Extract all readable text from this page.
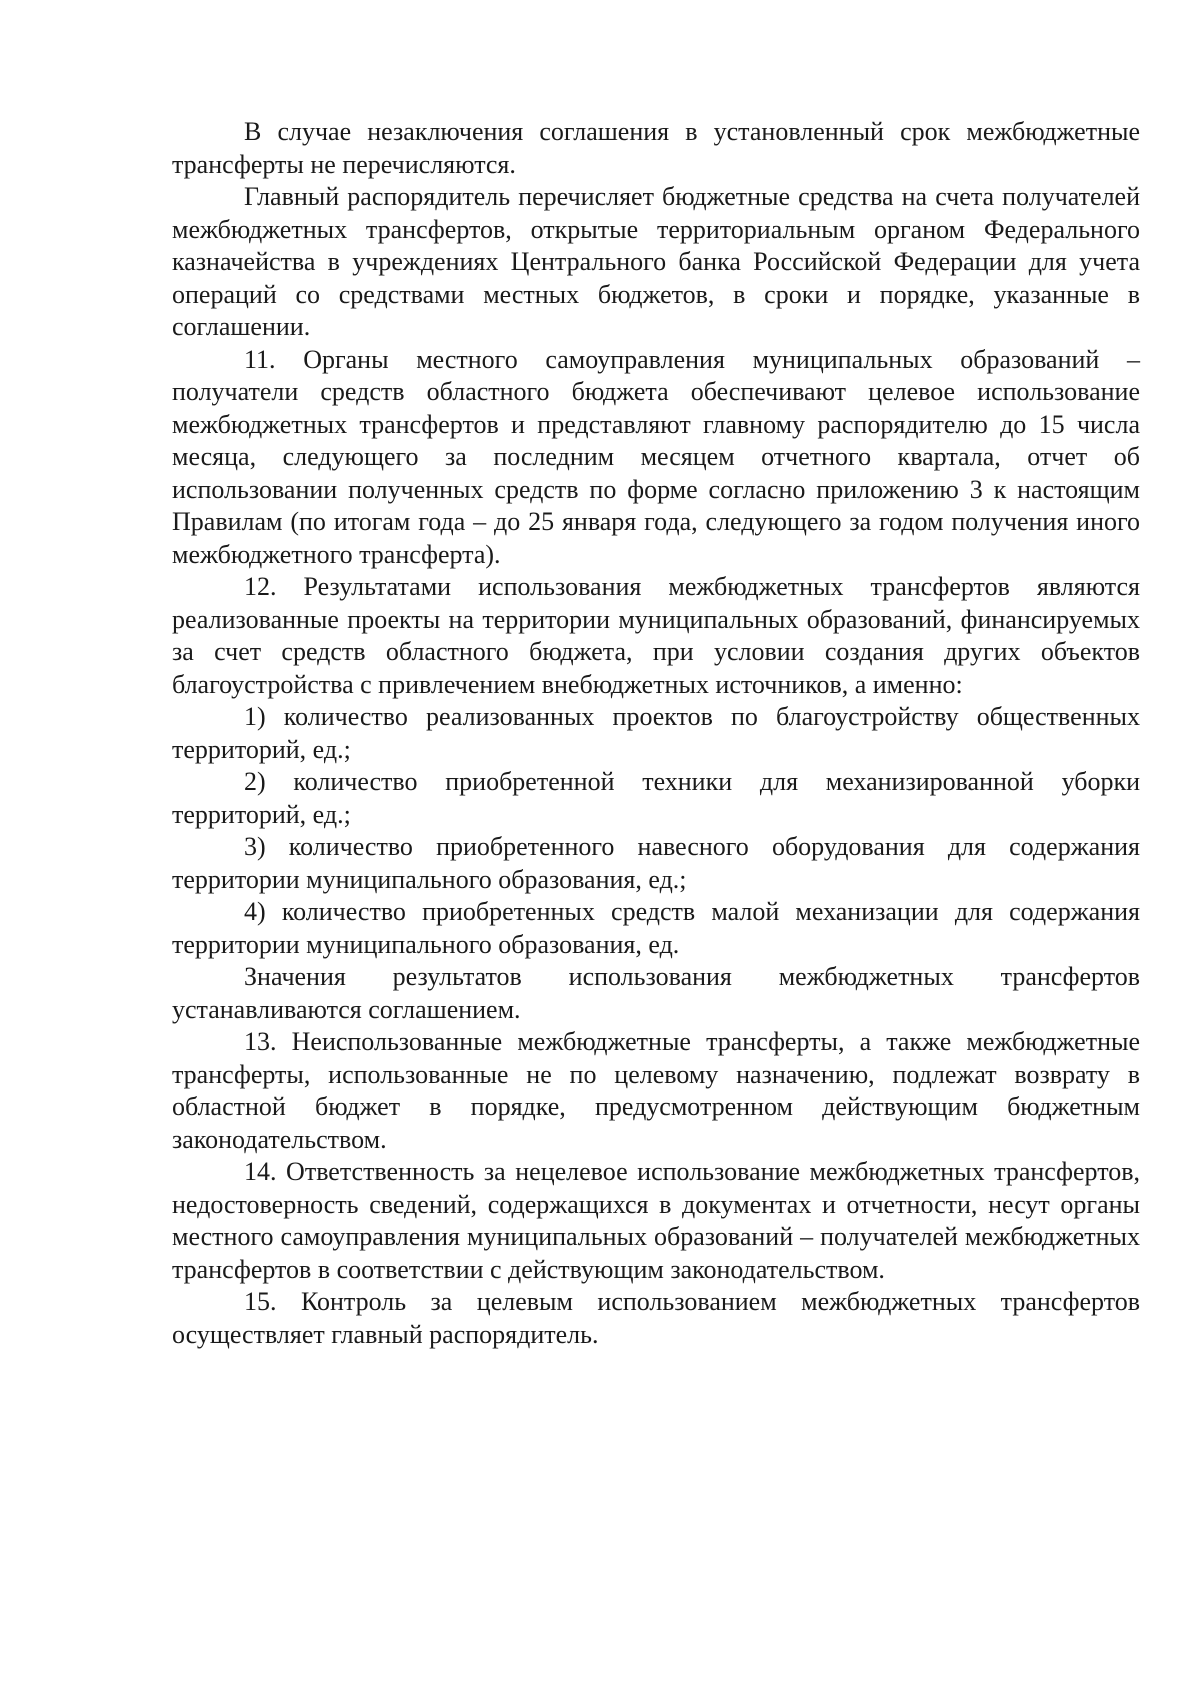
В случае незаключения соглашения в установленный срок межбюджетные трансферты не перечисляются.

Главный распорядитель перечисляет бюджетные средства на счета получателей межбюджетных трансфертов, открытые территориальным органом Федерального казначейства в учреждениях Центрального банка Российской Федерации для учета операций со средствами местных бюджетов, в сроки и порядке, указанные в соглашении.

11. Органы местного самоуправления муниципальных образований – получатели средств областного бюджета обеспечивают целевое использование межбюджетных трансфертов и представляют главному распорядителю до 15 числа месяца, следующего за последним месяцем отчетного квартала, отчет об использовании полученных средств по форме согласно приложению 3 к настоящим Правилам (по итогам года – до 25 января года, следующего за годом получения иного межбюджетного трансферта).

12. Результатами использования межбюджетных трансфертов являются реализованные проекты на территории муниципальных образований, финансируемых за счет средств областного бюджета, при условии создания других объектов благоустройства с привлечением внебюджетных источников, а именно:

1) количество реализованных проектов по благоустройству общественных территорий, ед.;

2) количество приобретенной техники для механизированной уборки территорий, ед.;

3) количество приобретенного навесного оборудования для содержания территории муниципального образования, ед.;

4) количество приобретенных средств малой механизации для содержания территории муниципального образования, ед.

Значения результатов использования межбюджетных трансфертов устанавливаются соглашением.

13. Неиспользованные межбюджетные трансферты, а также межбюджетные трансферты, использованные не по целевому назначению, подлежат возврату в областной бюджет в порядке, предусмотренном действующим бюджетным законодательством.

14. Ответственность за нецелевое использование межбюджетных трансфертов, недостоверность сведений, содержащихся в документах и отчетности, несут органы местного самоуправления муниципальных образований – получателей межбюджетных трансфертов в соответствии с действующим законодательством.

15. Контроль за целевым использованием межбюджетных трансфертов осуществляет главный распорядитель.
